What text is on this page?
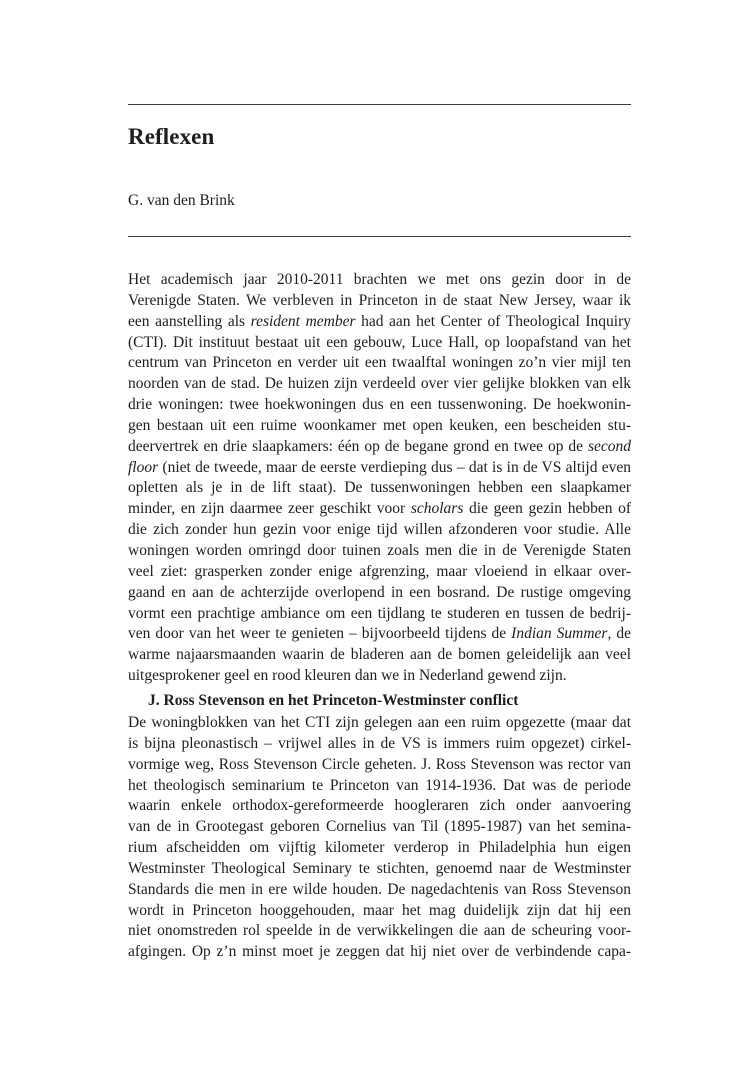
Reflexen

G. van den Brink

Het academisch jaar 2010-2011 brachten we met ons gezin door in de
Verenigde Staten. We verbleven in Princeton in de staat New Jersey, waar ik
een aanstelling als resident member had aan het Center of Theological Inquiry
(CTI). Dit instituut bestaat uit een gebouw, Luce Hall, op loopafstand van het
centrum van Princeton en verder uit een twaalftal woningen zo’n vier mijl ten
noorden van de stad. De huizen zijn verdeeld over vier gelijke blokken van elk
drie woningen: twee hoekwoningen dus en een tussenwoning. De hoekwonin-
gen bestaan uit een ruime woonkamer met open keuken, een bescheiden stu-
deervertrek en drie slaapkamers: één op de begane grond en twee op de second
floor (niet de tweede, maar de eerste verdieping dus – dat is in de VS altijd even
opletten als je in de lift staat). De tussenwoningen hebben een slaapkamer
minder, en zijn daarmee zeer geschikt voor scholars die geen gezin hebben of
die zich zonder hun gezin voor enige tijd willen afzonderen voor studie. Alle
woningen worden omringd door tuinen zoals men die in de Verenigde Staten
veel ziet: grasperken zonder enige afgrenzing, maar vloeiend in elkaar over-
gaand en aan de achterzijde overlopend in een bosrand. De rustige omgeving
vormt een prachtige ambiance om een tijdlang te studeren en tussen de bedrij-
ven door van het weer te genieten – bijvoorbeeld tijdens de Indian Summer, de
warme najaarsmaanden waarin de bladeren aan de bomen geleidelijk aan veel
uitgesprokener geel en rood kleuren dan we in Nederland gewend zijn.
J. Ross Stevenson en het Princeton-Westminster conflict
De woningblokken van het CTI zijn gelegen aan een ruim opgezette (maar dat
is bijna pleonastisch – vrijwel alles in de VS is immers ruim opgezet) cirkel-
vormige weg, Ross Stevenson Circle geheten. J. Ross Stevenson was rector van
het theologisch seminarium te Princeton van 1914-1936. Dat was de periode
waarin enkele orthodox-gereformeerde hoogleraren zich onder aanvoering
van de in Grootegast geboren Cornelius van Til (1895-1987) van het semina-
rium afscheidden om vijftig kilometer verderop in Philadelphia hun eigen
Westminster Theological Seminary te stichten, genoemd naar de Westminster
Standards die men in ere wilde houden. De nagedachtenis van Ross Stevenson
wordt in Princeton hooggehouden, maar het mag duidelijk zijn dat hij een
niet onomstreden rol speelde in de verwikkelingen die aan de scheuring voor-
afgingen. Op z’n minst moet je zeggen dat hij niet over de verbindende capa-
